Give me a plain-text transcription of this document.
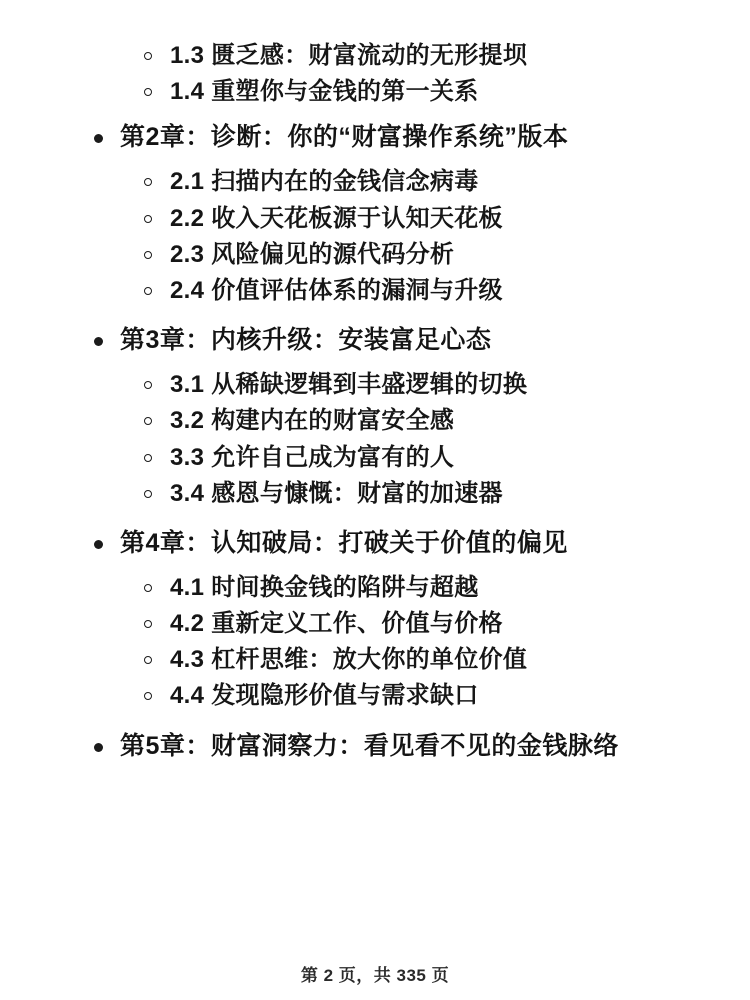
1.3 匮乏感：财富流动的无形提坝
1.4 重塑你与金钱的第一关系
第2章：诊断：你的“财富操作系统”版本
2.1 扫描内在的金钱信念病毒
2.2 收入天花板源于认知天花板
2.3 风险偏见的源代码分析
2.4 价值评估体系的漏洞与升级
第3章：内核升级：安装富足心态
3.1 从稀缺逻辑到丰盛逻辑的切换
3.2 构建内在的财富安全感
3.3 允许自己成为富有的人
3.4 感恩与慷慨：财富的加速器
第4章：认知破局：打破关于价值的偏见
4.1 时间换金钱的陷阱与超越
4.2 重新定义工作、价值与价格
4.3 杠杆思维：放大你的单位价值
4.4 发现隐形价值与需求缺口
第5章：财富洞察力：看见看不见的金钱脉络
第 2 页，共 335 页
